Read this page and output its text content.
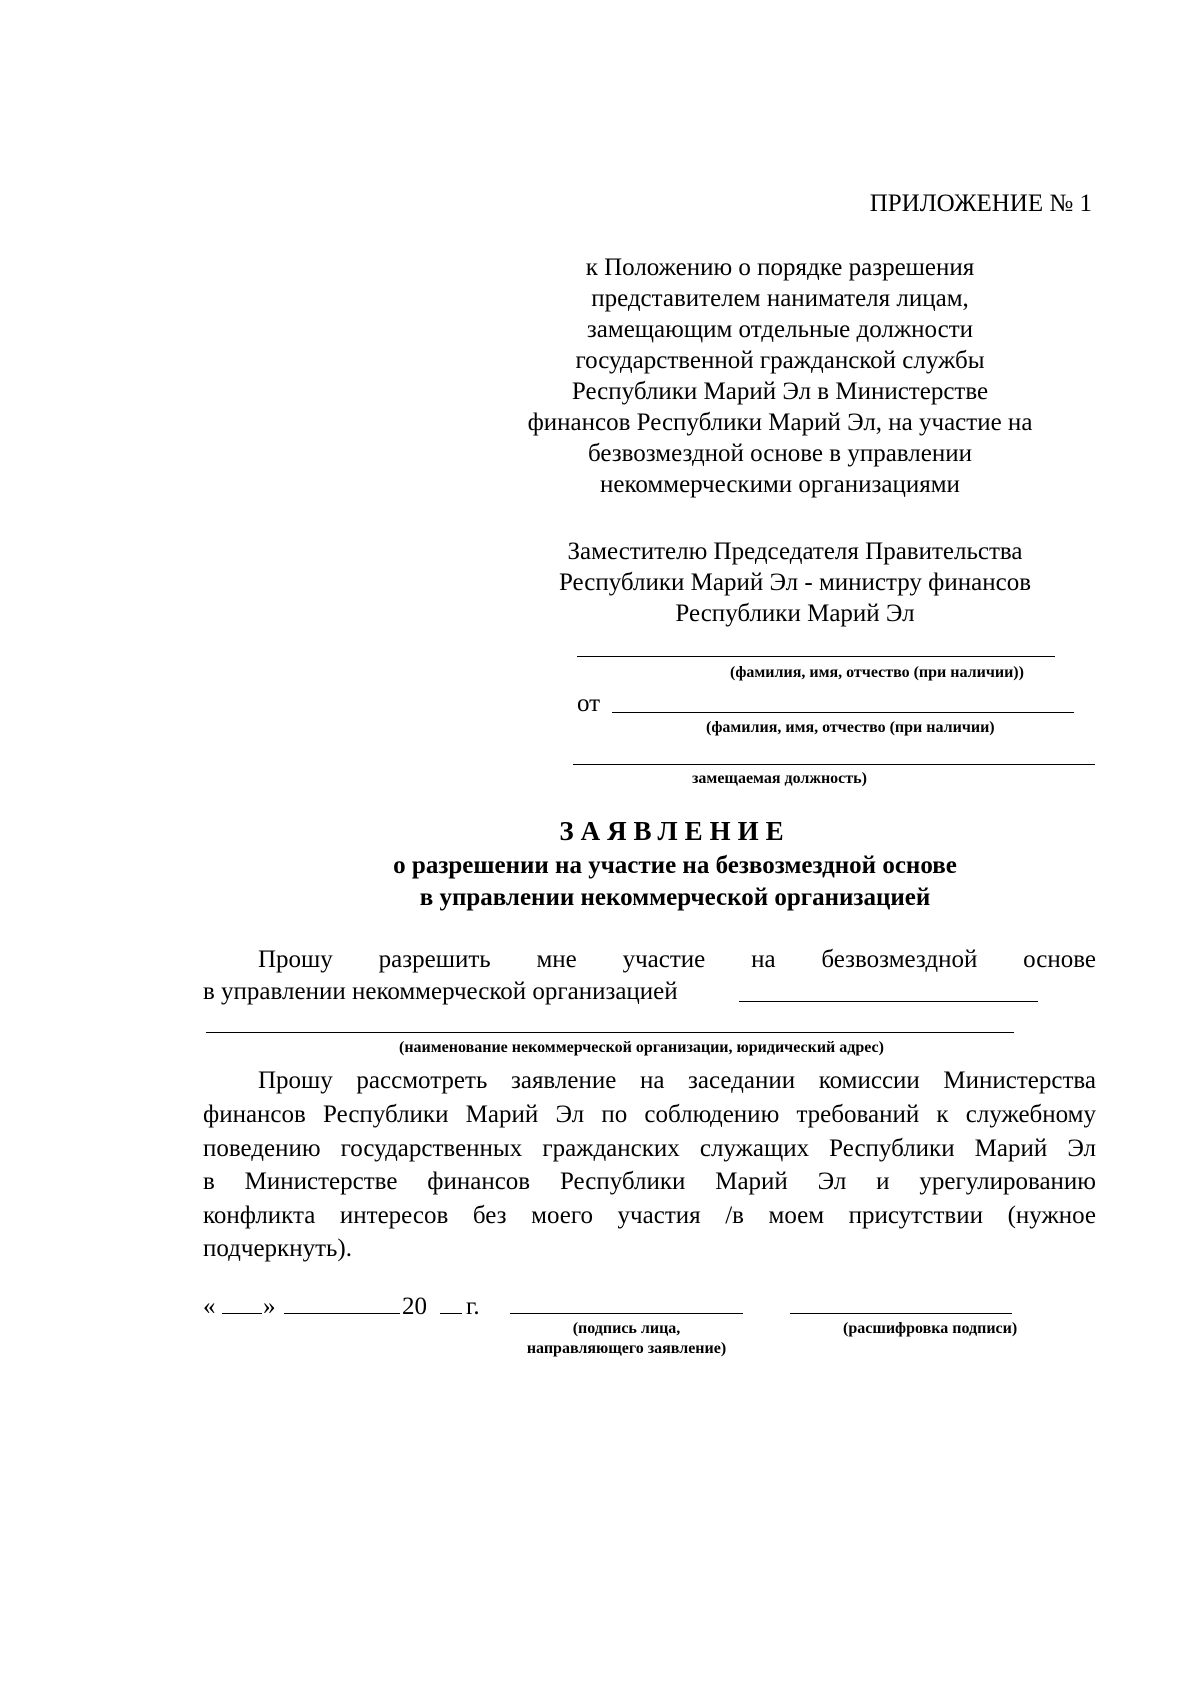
ПРИЛОЖЕНИЕ № 1
к Положению о порядке разрешения
представителем нанимателя лицам,
замещающим отдельные должности
государственной гражданской службы
Республики Марий Эл в Министерстве
финансов Республики Марий Эл, на участие на
безвозмездной основе в управлении
некоммерческими организациями
Заместителю Председателя Правительства
Республики Марий Эл - министру финансов
Республики Марий Эл
(фамилия, имя, отчество (при наличии))
от
(фамилия, имя, отчество (при наличии)
замещаемая должность)
ЗАЯВЛЕНИЕ
о разрешении на участие на безвозмездной основе
в управлении некоммерческой организацией
Прошу разрешить мне участие на безвозмездной основе
в управлении некоммерческой организацией
(наименование некоммерческой организации, юридический адрес)
Прошу рассмотреть заявление на заседании комиссии Министерства
финансов Республики Марий Эл по соблюдению требований к служебному
поведению государственных гражданских служащих Республики Марий Эл
в Министерстве финансов Республики Марий Эл и урегулированию
конфликта интересов без моего участия /в моем присутствии (нужное
подчеркнуть).
« »	20 г.
(подпись лица,
направляющего заявление)
(расшифровка подписи)
